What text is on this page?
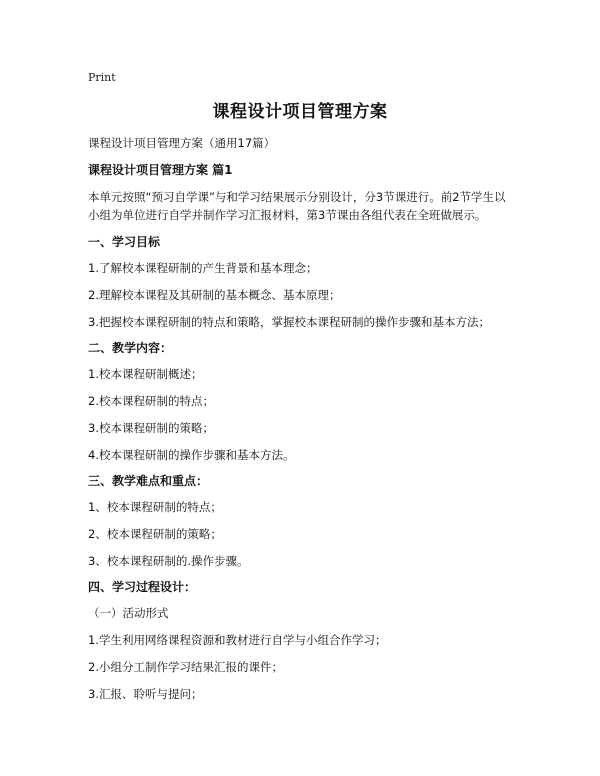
Print
课程设计项目管理方案

课程设计项目管理方案（通用17篇）

课程设计项目管理方案 篇1

本单元按照“预习自学课”与和学习结果展示分别设计，分3节课进行。前2节学生以

小组为单位进行自学并制作学习汇报材料，第3节课由各组代表在全班做展示。

一、学习目标

1.了解校本课程研制的产生背景和基本理念；

2.理解校本课程及其研制的基本概念、基本原理；

3.把握校本课程研制的特点和策略，掌握校本课程研制的操作步骤和基本方法；

二、教学内容：

1.校本课程研制概述；

2.校本课程研制的特点；

3.校本课程研制的策略；

4.校本课程研制的操作步骤和基本方法。

三、教学难点和重点：

1、校本课程研制的特点；

2、校本课程研制的策略；

3、校本课程研制的.操作步骤。

四、学习过程设计：

（一）活动形式

1.学生利用网络课程资源和教材进行自学与小组合作学习；

2.小组分工制作学习结果汇报的课件；

3.汇报、聆听与提问；
